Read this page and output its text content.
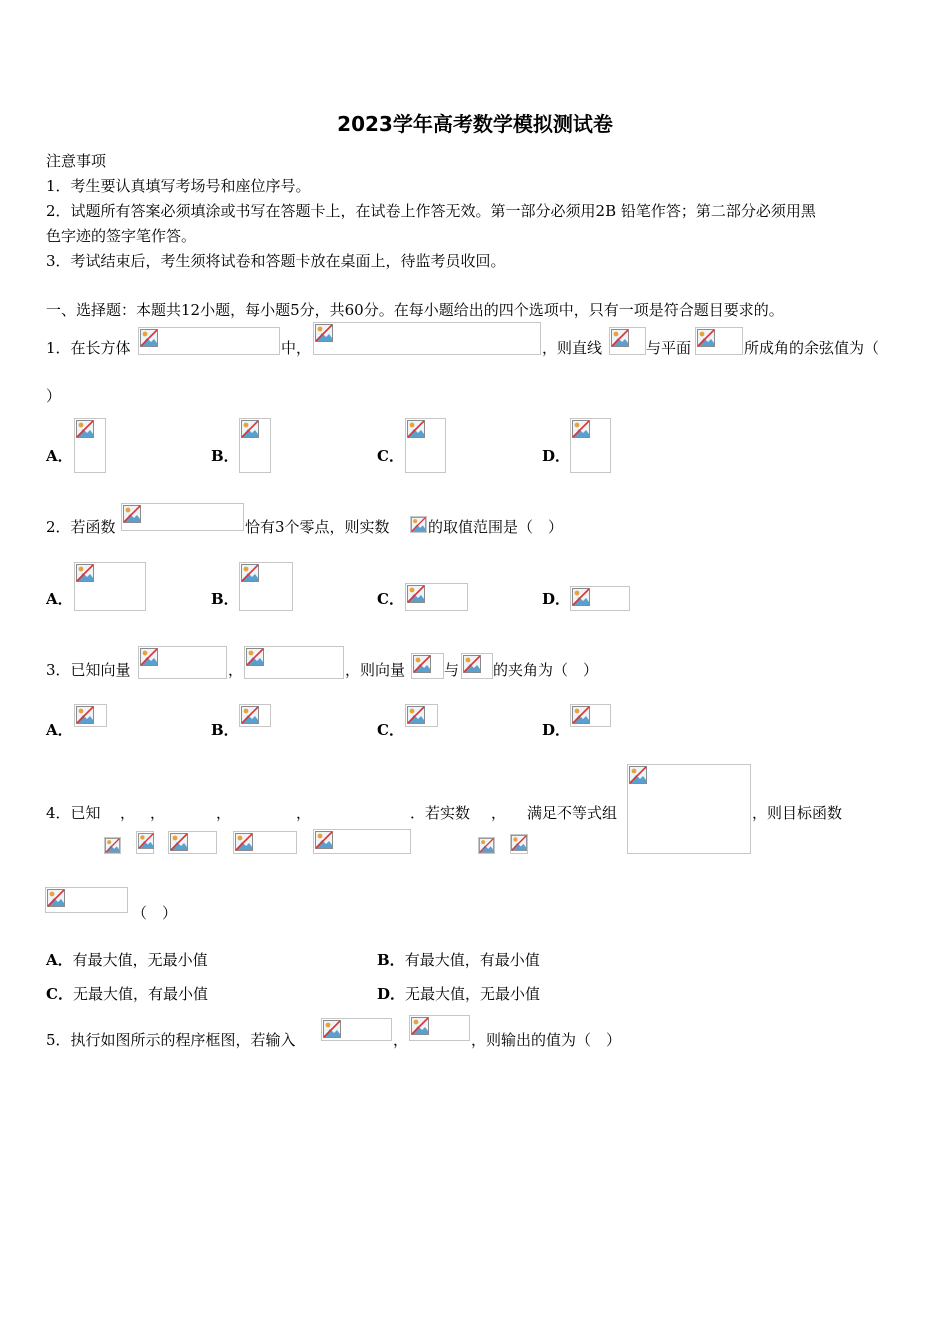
2023学年高考数学模拟测试卷
注意事项
1．考生要认真填写考场号和座位序号。
2．试题所有答案必须填涂或书写在答题卡上，在试卷上作答无效。第一部分必须用2B 铅笔作答；第二部分必须用黑
色字迹的签字笔作答。
3．考试结束后，考生须将试卷和答题卡放在桌面上，待监考员收回。
一、选择题：本题共12小题，每小题5分，共60分。在每小题给出的四个选项中，只有一项是符合题目要求的。
1．在长方体	中，	，则直线	与平面	所成角的余弦值为（
）
A．	B．	C．	D．
2．若函数	恰有3个零点，则实数	的取值范围是（　）
A．	B．	C．	D．
3．已知向量	，	，则向量	与 的夹角为（　）
A．	B．	C．	D．
4．已知 ， ，	，	，	．若实数 ， 满足不等式组	，则目标函数
（　）
A．有最大值，无最小值	B．有最大值，有最小值
C．无最大值，有最小值	D．无最大值，无最小值
5．执行如图所示的程序框图，若输入	，	，则输出的值为（　）
